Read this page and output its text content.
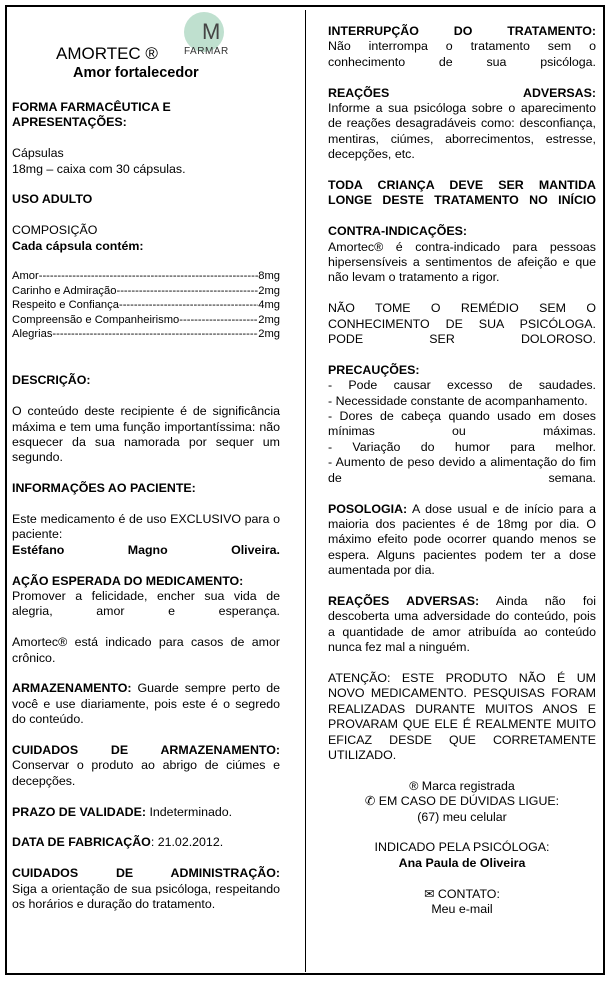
M
FARMAR
AMORTEC ®
Amor fortalecedor

FORMA FARMACÊUTICA E APRESENTAÇÕES:

Cápsulas

18mg – caixa com 30 cápsulas.

USO ADULTO

COMPOSIÇÃO

Cada cápsula contém:

Amor -----	8mg
Carinho e Admiração -----	2mg
Respeito e Confiança -----	4mg
Compreensão e Companheirismo -----	2mg
Alegrias -----	2mg

DESCRIÇÃO:

O conteúdo deste recipiente é de significância máxima e tem uma função importantíssima: não esquecer da sua namorada por sequer um segundo.

INFORMAÇÕES AO PACIENTE:

Este medicamento é de uso EXCLUSIVO para o paciente:

Estéfano Magno Oliveira.

AÇÃO ESPERADA DO MEDICAMENTO:

Promover a felicidade, encher sua vida de alegria, amor e esperança.

Amortec® está indicado para casos de amor crônico.

ARMAZENAMENTO: Guarde sempre perto de você e use diariamente, pois este é o segredo do conteúdo.

CUIDADOS DE ARMAZENAMENTO:

Conservar o produto ao abrigo de ciúmes e decepções.

PRAZO DE VALIDADE: Indeterminado.

DATA DE FABRICAÇÃO: 21.02.2012.

CUIDADOS DE ADMINISTRAÇÃO:

Siga a orientação de sua psicóloga, respeitando os horários e duração do tratamento.

INTERRUPÇÃO DO TRATAMENTO:

Não interrompa o tratamento sem o conhecimento de sua psicóloga.

REAÇÕES ADVERSAS:

Informe a sua psicóloga sobre o aparecimento de reações desagradáveis como: desconfiança, mentiras, ciúmes, aborrecimentos, estresse, decepções, etc.

TODA CRIANÇA DEVE SER MANTIDA LONGE DESTE TRATAMENTO NO INÍCIO

CONTRA-INDICAÇÕES:

Amortec® é contra-indicado para pessoas hipersensíveis a sentimentos de afeição e que não levam o tratamento a rigor.

NÃO TOME O REMÉDIO SEM O CONHECIMENTO DE SUA PSICÓLOGA. PODE SER DOLOROSO.

PRECAUÇÕES:

- Pode causar excesso de saudades.

- Necessidade constante de acompanhamento.

- Dores de cabeça quando usado em doses mínimas ou máximas.

- Variação do humor para melhor.

- Aumento de peso devido a alimentação do fim de semana.

POSOLOGIA: A dose usual e de início para a maioria dos pacientes é de 18mg por dia. O máximo efeito pode ocorrer quando menos se espera. Alguns pacientes podem ter a dose aumentada por dia.

REAÇÕES ADVERSAS: Ainda não foi descoberta uma adversidade do conteúdo, pois a quantidade de amor atribuída ao conteúdo nunca fez mal a ninguém.

ATENÇÃO: ESTE PRODUTO NÃO É UM NOVO MEDICAMENTO. PESQUISAS FORAM REALIZADAS DURANTE MUITOS ANOS E PROVARAM QUE ELE É REALMENTE MUITO EFICAZ DESDE QUE CORRETAMENTE UTILIZADO.

® Marca registrada

✆ EM CASO DE DÚVIDAS LIGUE:

(67) meu celular

INDICADO PELA PSICÓLOGA:

Ana Paula de Oliveira

✉ CONTATO:

Meu e-mail
